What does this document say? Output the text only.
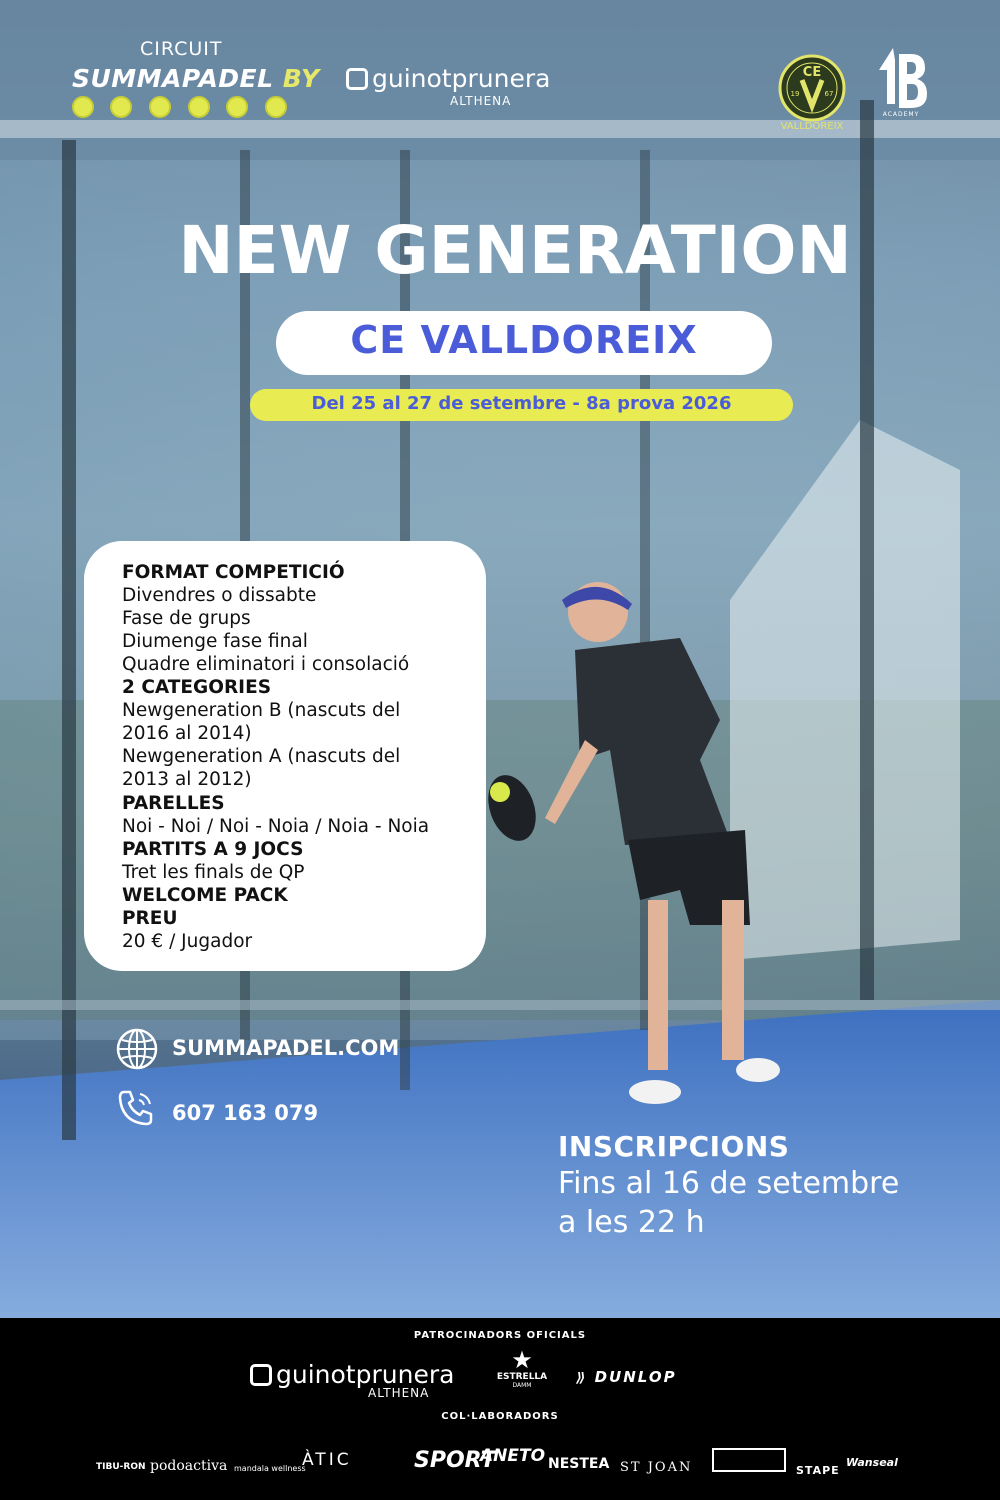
CIRCUIT
SUMMAPADEL BY	guinotprunera
ALTHENA
CE
19	67
VALLDOREIX
ACADEMY
NEW GENERATION
CE VALLDOREIX
Del 25 al 27 de setembre - 8a prova 2026
FORMAT COMPETICIÓ
Divendres o dissabte
Fase de grups
Diumenge fase final
Quadre eliminatori i consolació
2 CATEGORIES
Newgeneration B (nascuts del
2016 al 2014)
Newgeneration A (nascuts del
2013 al 2012)
PARELLES
Noi - Noi / Noi - Noia / Noia - Noia
PARTITS A 9 JOCS
Tret les finals de QP
WELCOME PACK
PREU
20 € / Jugador
SUMMAPADEL.COM
607 163 079
INSCRIPCIONS
Fins al 16 de setembre
a les 22 h
PATROCINADORS OFICIALS
guinotprunera
ALTHENA
★
ESTRELLA
DAMM	⟫ DUNLOP
COL·LABORADORS
TIBU-RON podoactiva mandala wellness
ÀTIC	SPORT
ANETO NESTEA ST JOAN	STAPE
Wanseal
